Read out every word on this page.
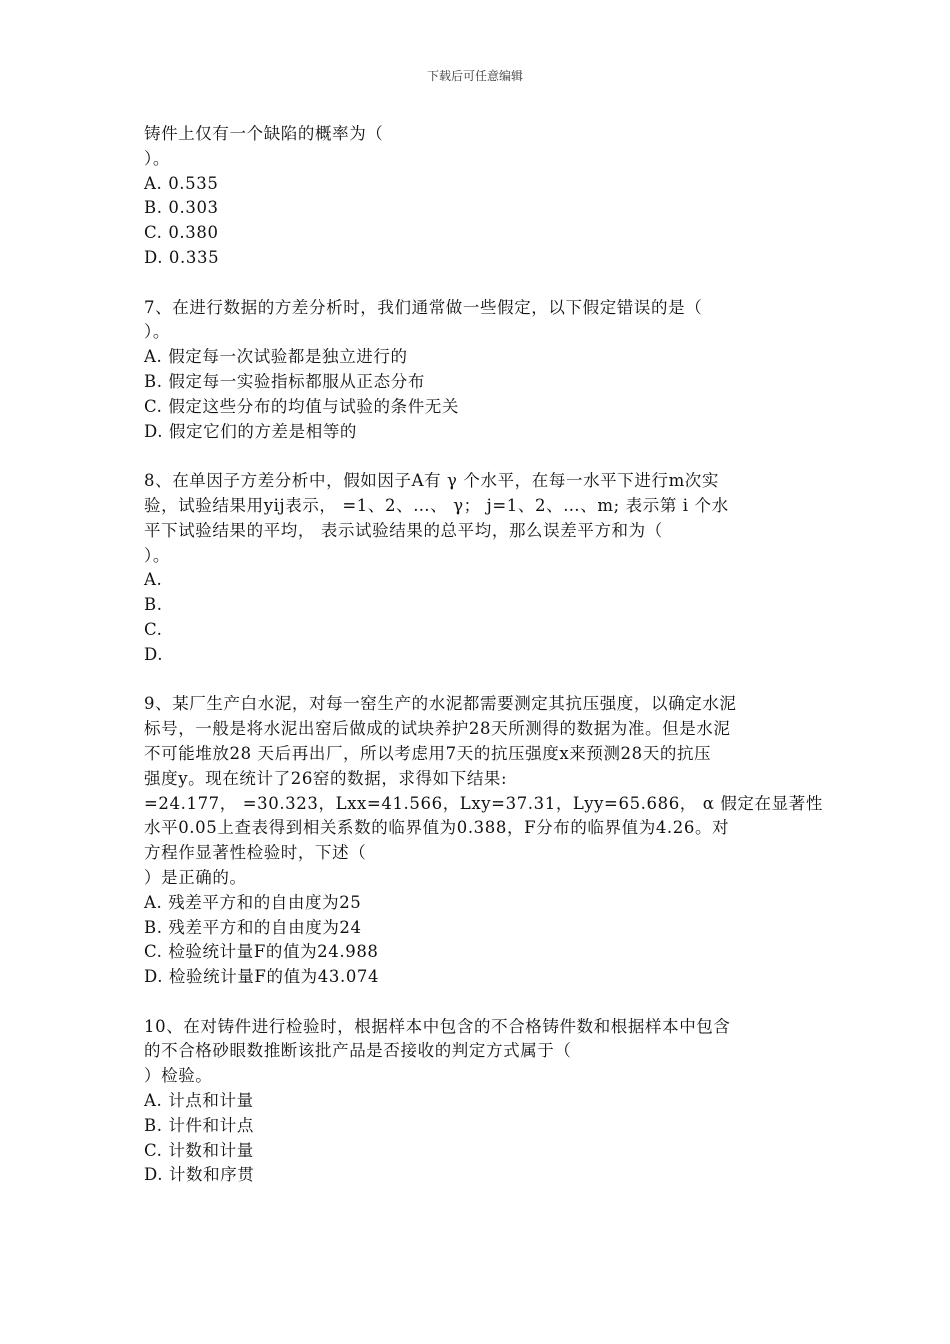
下载后可任意编辑
铸件上仅有一个缺陷的概率为（
）。
A. 0.535
B. 0.303
C. 0.380
D. 0.335
7、在进行数据的方差分析时，我们通常做一些假定，以下假定错误的是（
）。
A. 假定每一次试验都是独立进行的
B. 假定每一实验指标都服从正态分布
C. 假定这些分布的均值与试验的条件无关
D. 假定它们的方差是相等的
8、在单因子方差分析中，假如因子A有 γ 个水平，在每一水平下进行m次实
验，试验结果用yij表示， =1、2、…、 γ； j=1、2、…、m; 表示第 i 个水
平下试验结果的平均， 表示试验结果的总平均，那么误差平方和为（
）。
A.
B.
C.
D.
9、某厂生产白水泥，对每一窑生产的水泥都需要测定其抗压强度，以确定水泥
标号，一般是将水泥出窑后做成的试块养护28天所测得的数据为准。但是水泥
不可能堆放28 天后再出厂，所以考虑用7天的抗压强度x来预测28天的抗压
强度y。现在统计了26窑的数据，求得如下结果:
=24.177， =30.323，Lxx=41.566，Lxy=37.31，Lyy=65.686， α 假定在显著性
水平0.05上查表得到相关系数的临界值为0.388，F分布的临界值为4.26。对
方程作显著性检验时，下述（
）是正确的。
A. 残差平方和的自由度为25
B. 残差平方和的自由度为24
C. 检验统计量F的值为24.988
D. 检验统计量F的值为43.074
10、在对铸件进行检验时，根据样本中包含的不合格铸件数和根据样本中包含
的不合格砂眼数推断该批产品是否接收的判定方式属于（
）检验。
A. 计点和计量
B. 计件和计点
C. 计数和计量
D. 计数和序贯
